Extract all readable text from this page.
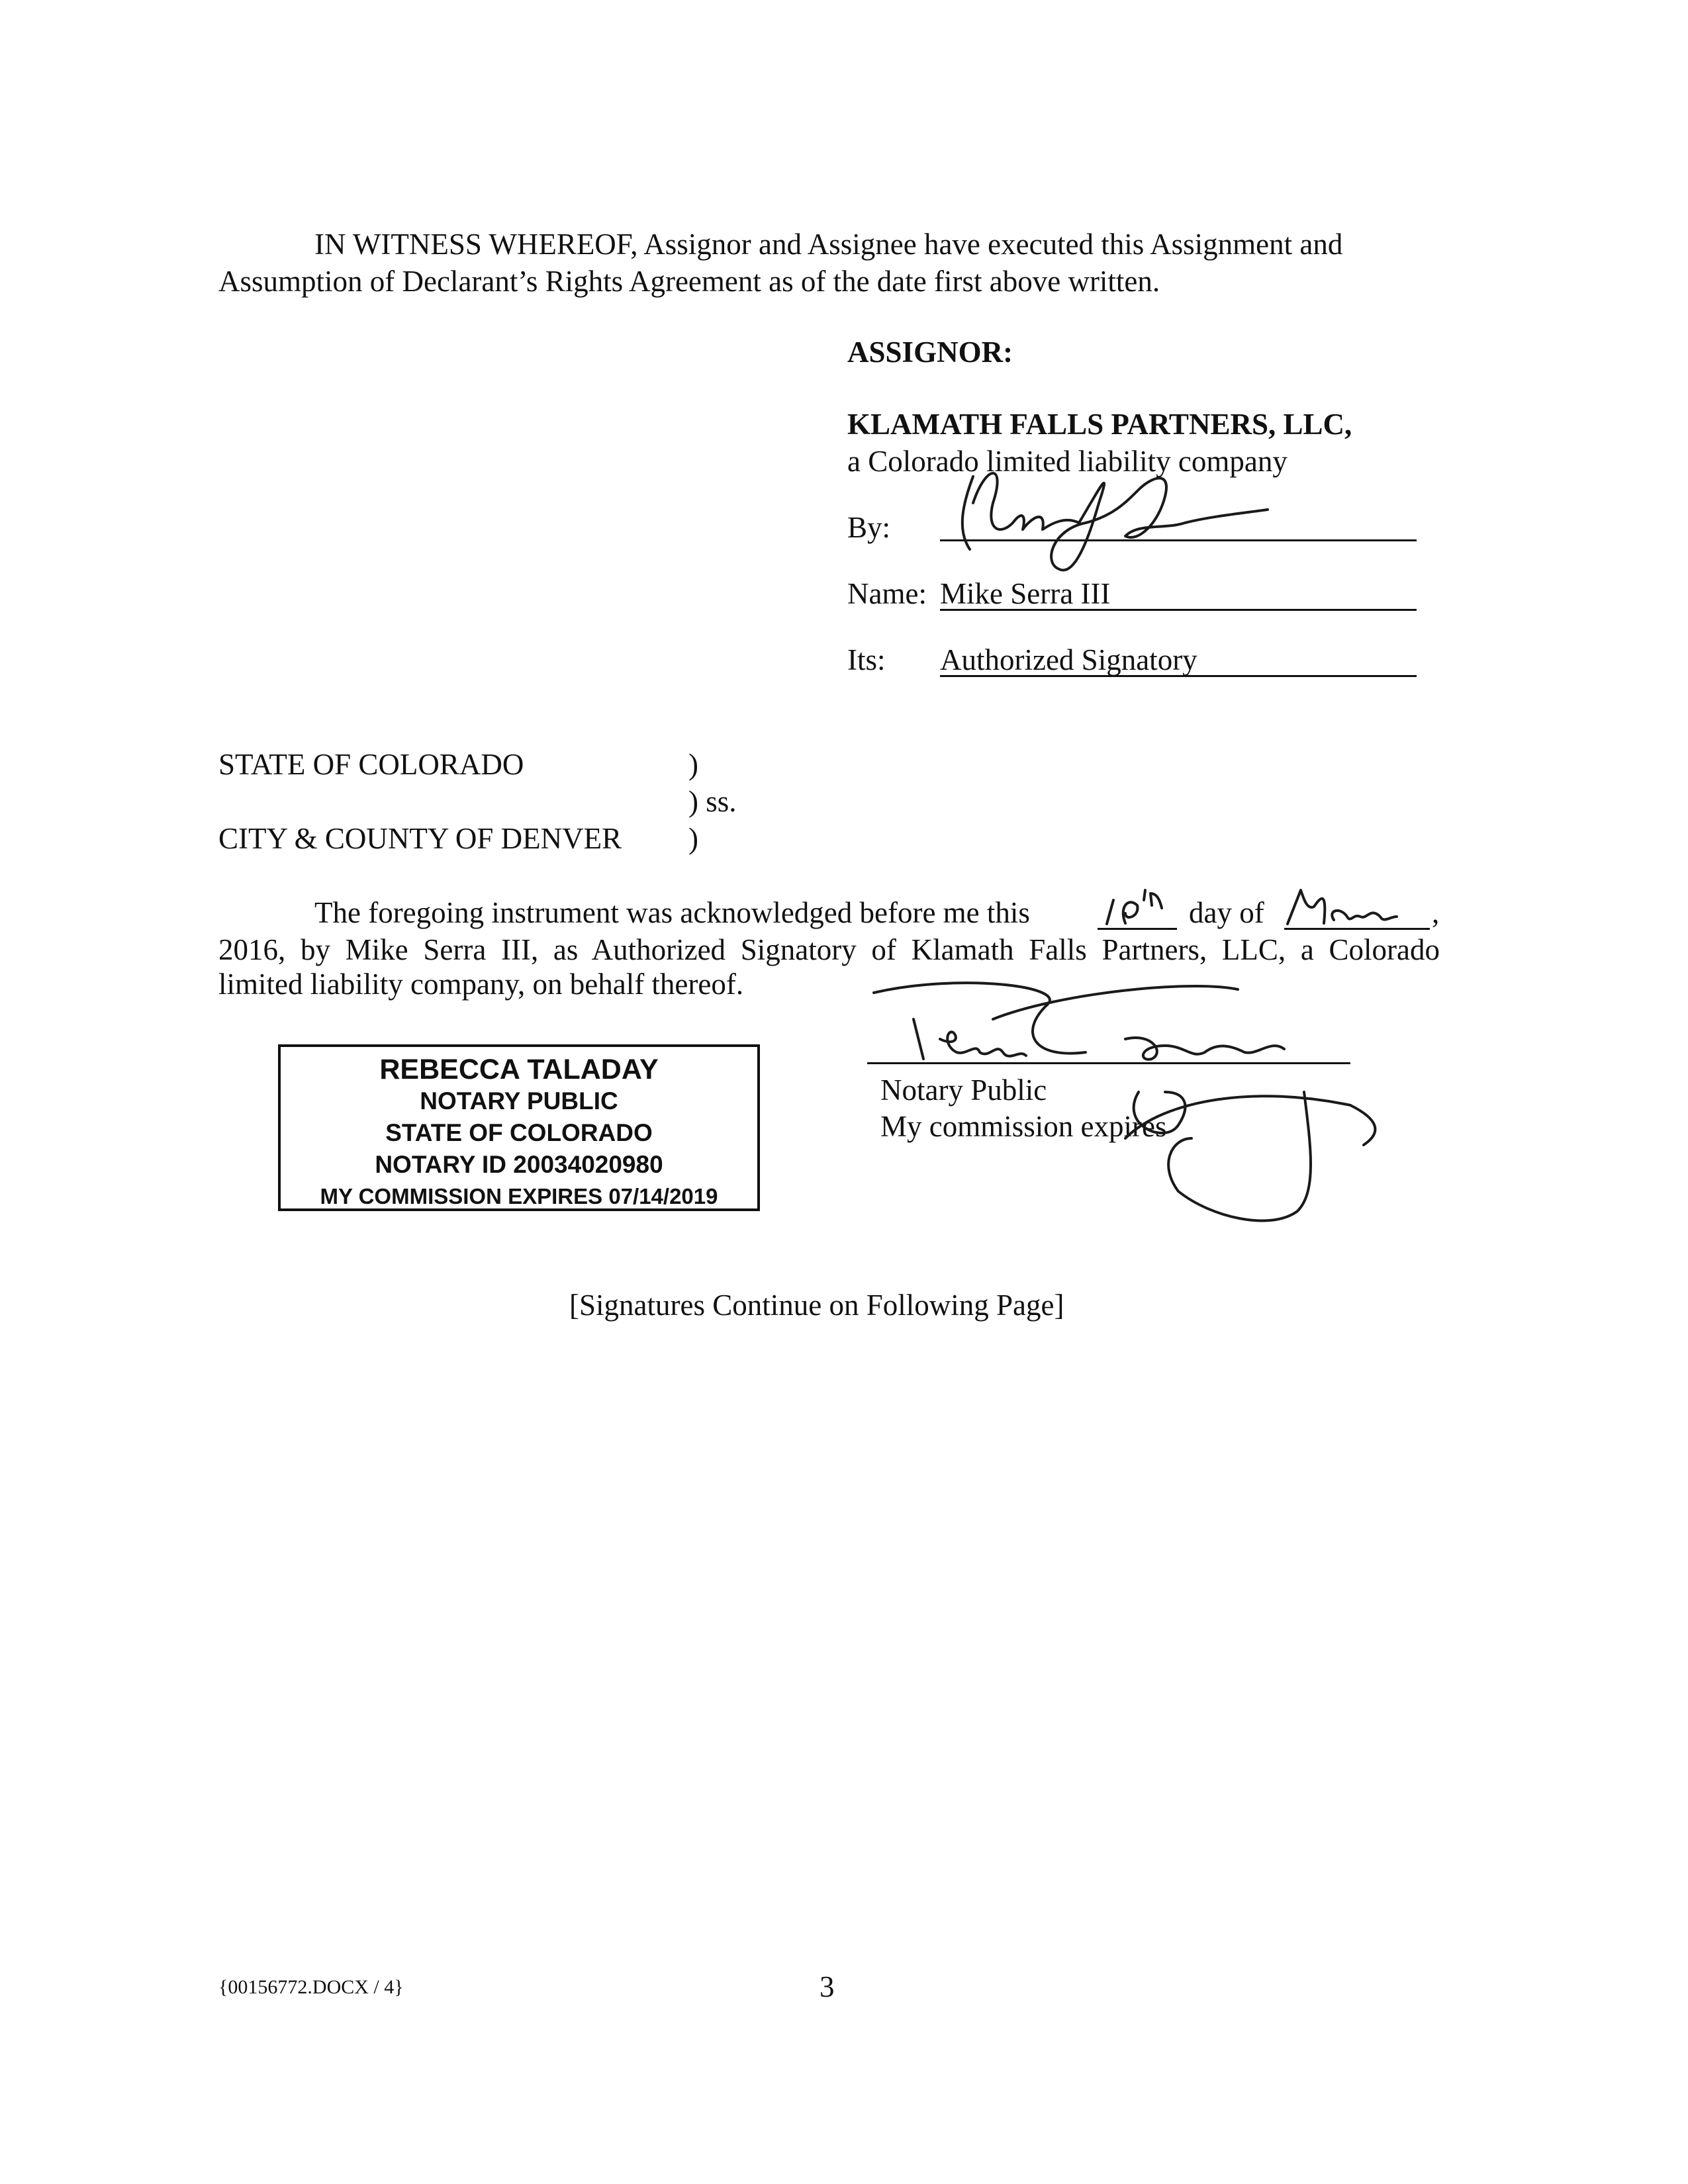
IN WITNESS WHEREOF, Assignor and Assignee have executed this Assignment and
Assumption of Declarant’s Rights Agreement as of the date first above written.
ASSIGNOR:
KLAMATH FALLS PARTNERS, LLC,
a Colorado limited liability company
By:
Name: Mike Serra III
Its: Authorized Signatory
STATE OF COLORADO	)
) ss.
CITY & COUNTY OF DENVER )
The foregoing instrument was acknowledged before me this	day of	,
2016, by Mike Serra III, as Authorized Signatory of Klamath Falls Partners, LLC, a Colorado
limited liability company, on behalf thereof.
REBECCA TALADAY
NOTARY PUBLIC
STATE OF COLORADO
NOTARY ID 20034020980
MY COMMISSION EXPIRES 07/14/2019
Notary Public
My commission expires
[Signatures Continue on Following Page]
{00156772.DOCX / 4}	3
